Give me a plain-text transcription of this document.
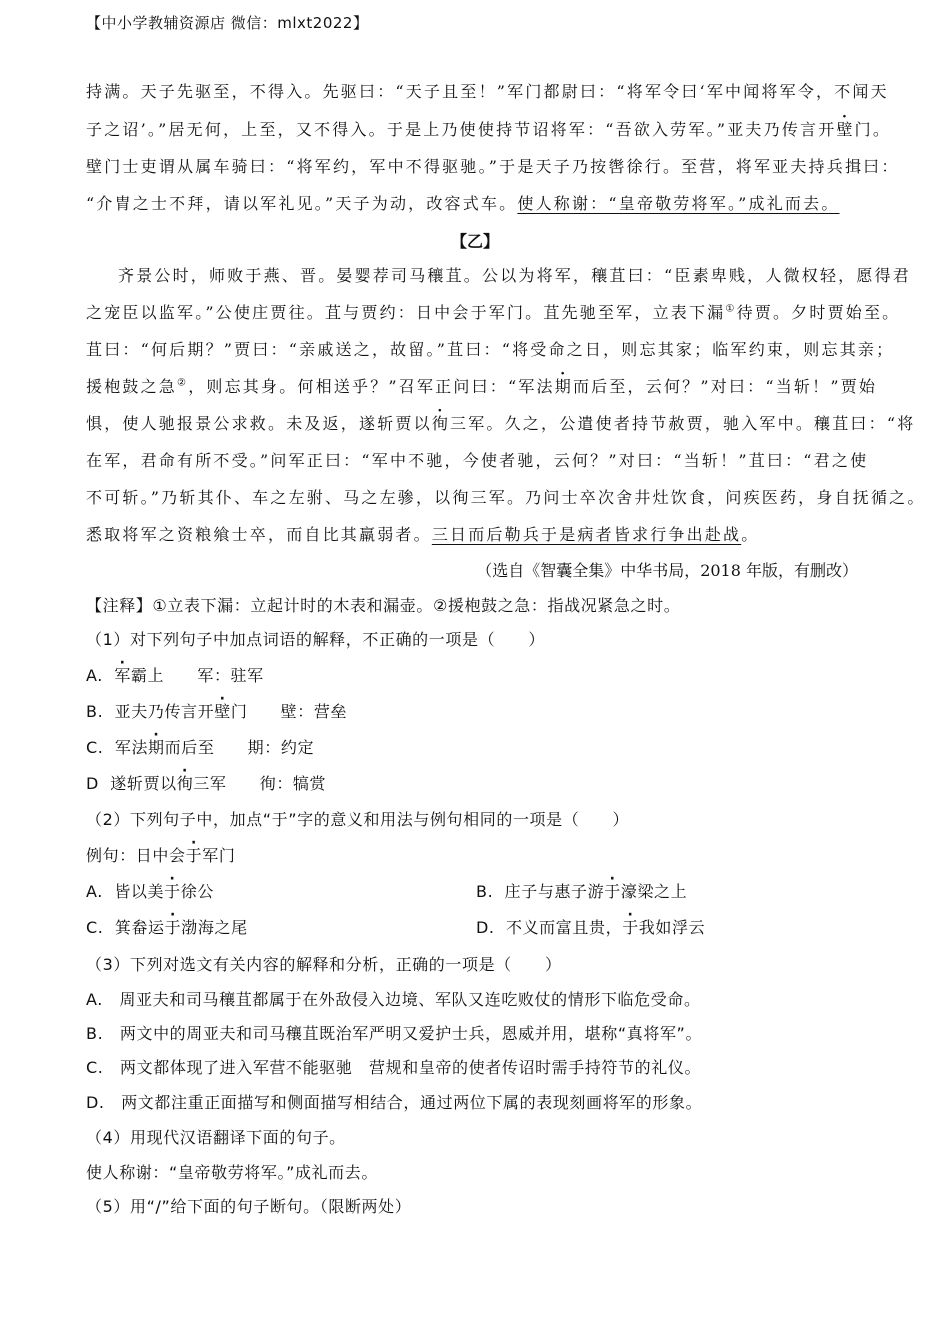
【中小学教辅资源店 微信：mlxt2022】
持满。天子先驱至，不得入。先驱曰：“天子且至！”军门都尉曰：“将军令曰‘军中闻将军令，不闻天
子之诏’。”居无何，上至，又不得入。于是上乃使使持节诏将军：“吾欲入劳军。”亚夫乃传言开壁门。
壁门士吏谓从属车骑曰：“将军约，军中不得驱驰。”于是天子乃按辔徐行。至营，将军亚夫持兵揖曰：
“介胄之士不拜，请以军礼见。”天子为动，改容式车。使人称谢：“皇帝敬劳将军。”成礼而去。
【乙】
齐景公时，师败于燕、晋。晏婴荐司马穰苴。公以为将军，穰苴曰：“臣素卑贱，人微权轻，愿得君
之宠臣以监军。”公使庄贾往。苴与贾约：日中会于军门。苴先驰至军，立表下漏①待贾。夕时贾始至。
苴曰：“何后期？”贾曰：“亲戚送之，故留。”苴曰：“将受命之日，则忘其家；临军约束，则忘其亲；
援枹鼓之急②，则忘其身。何相送乎？”召军正问曰：“军法期而后至，云何？”对曰：“当斩！”贾始
惧，使人驰报景公求救。未及返，遂斩贾以徇三军。久之，公遣使者持节赦贾，驰入军中。穰苴曰：“将
在军，君命有所不受。”问军正曰：“军中不驰，今使者驰，云何？”对曰：“当斩！”苴曰：“君之使
不可斩。”乃斩其仆、车之左驸、马之左骖，以徇三军。乃问士卒次舍井灶饮食，问疾医药，身自抚循之。
悉取将军之资粮飨士卒，而自比其羸弱者。三日而后勒兵于是病者皆求行争出赴战。
（选自《智囊全集》中华书局，2018 年版，有删改）
【注释】①立表下漏：立起计时的木表和漏壶。②援枹鼓之急：指战况紧急之时。
（1）对下列句子中加点词语的解释，不正确的一项是（　　）
A. 军霸上　　军：驻军
B. 亚夫乃传言开壁门　　壁：营垒
C. 军法期而后至　　期：约定
D 遂斩贾以徇三军　　徇：犒赏
（2）下列句子中，加点“于”字的意义和用法与例句相同的一项是（　　）
例句：日中会于军门
A. 皆以美于徐公	B. 庄子与惠子游于濠梁之上
C. 箕畚运于渤海之尾	D. 不义而富且贵，于我如浮云
（3）下列对选文有关内容的解释和分析，正确的一项是（　　）
A.　周亚夫和司马穰苴都属于在外敌侵入边境、军队又连吃败仗的情形下临危受命。
B.　两文中的周亚夫和司马穰苴既治军严明又爱护士兵，恩威并用，堪称“真将军”。
C.　两文都体现了进入军营不能驱驰　营规和皇帝的使者传诏时需手持符节的礼仪。
D.　两文都注重正面描写和侧面描写相结合，通过两位下属的表现刻画将军的形象。
（4）用现代汉语翻译下面的句子。
使人称谢：“皇帝敬劳将军。”成礼而去。
（5）用“/”给下面的句子断句。（限断两处）
